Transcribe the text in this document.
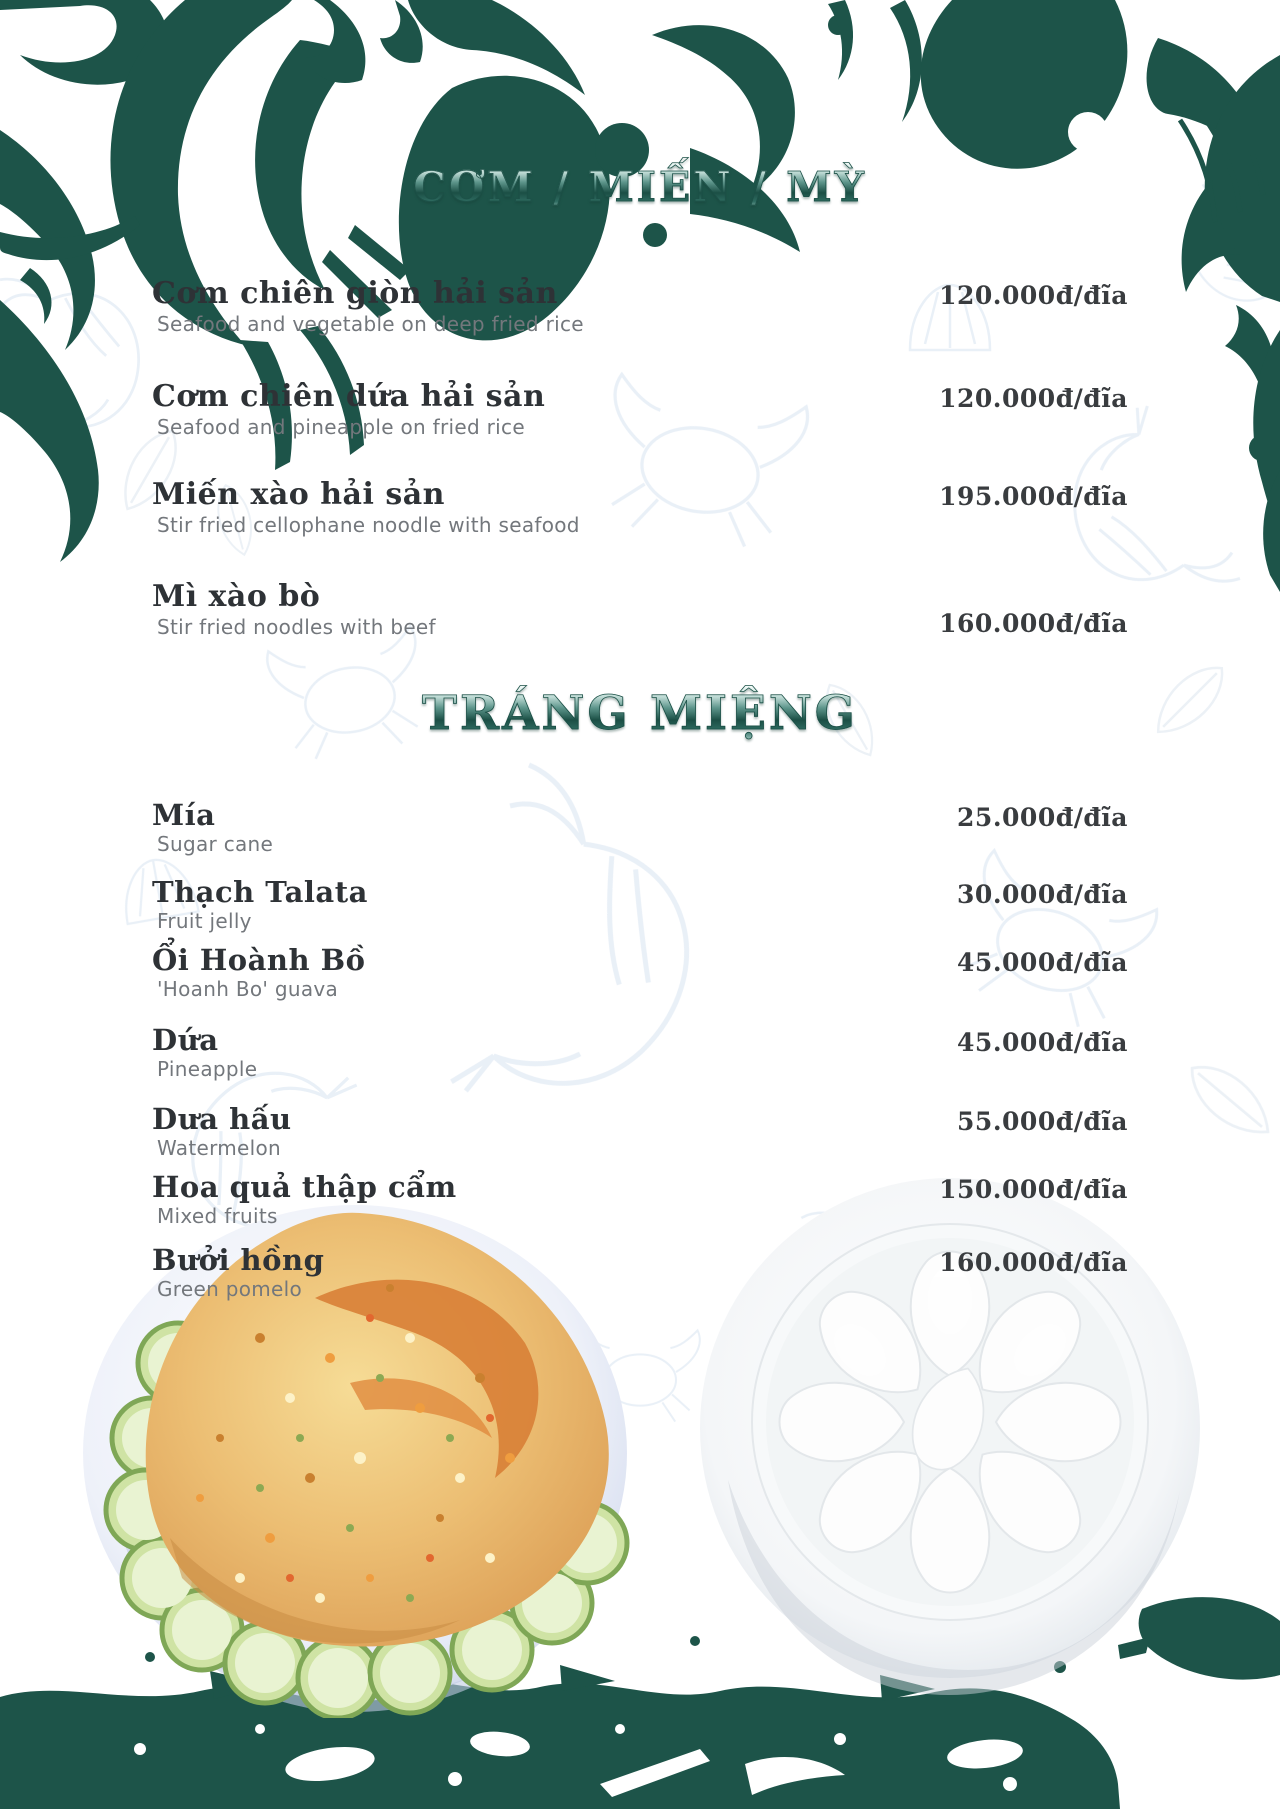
CƠM / MIẾN / MỲ
TRÁNG MIỆNG
Cơm chiên giòn hải sản
Seafood and vegetable on deep fried rice
120.000đ/đĩa
Cơm chiên dứa hải sản
Seafood and pineapple on fried rice
120.000đ/đĩa
Miến xào hải sản
Stir fried cellophane noodle with seafood
195.000đ/đĩa
Mì xào bò
Stir fried noodles with beef	160.000đ/đĩa
Mía
Sugar cane
25.000đ/đĩa
Thạch Talata
Fruit jelly
30.000đ/đĩa
Ổi Hoành Bồ
'Hoanh Bo' guava
45.000đ/đĩa
Dứa
Pineapple
45.000đ/đĩa
Dưa hấu
Watermelon
55.000đ/đĩa
Hoa quả thập cẩm
Mixed fruits
150.000đ/đĩa
Bưởi hồng
Green pomelo
160.000đ/đĩa
